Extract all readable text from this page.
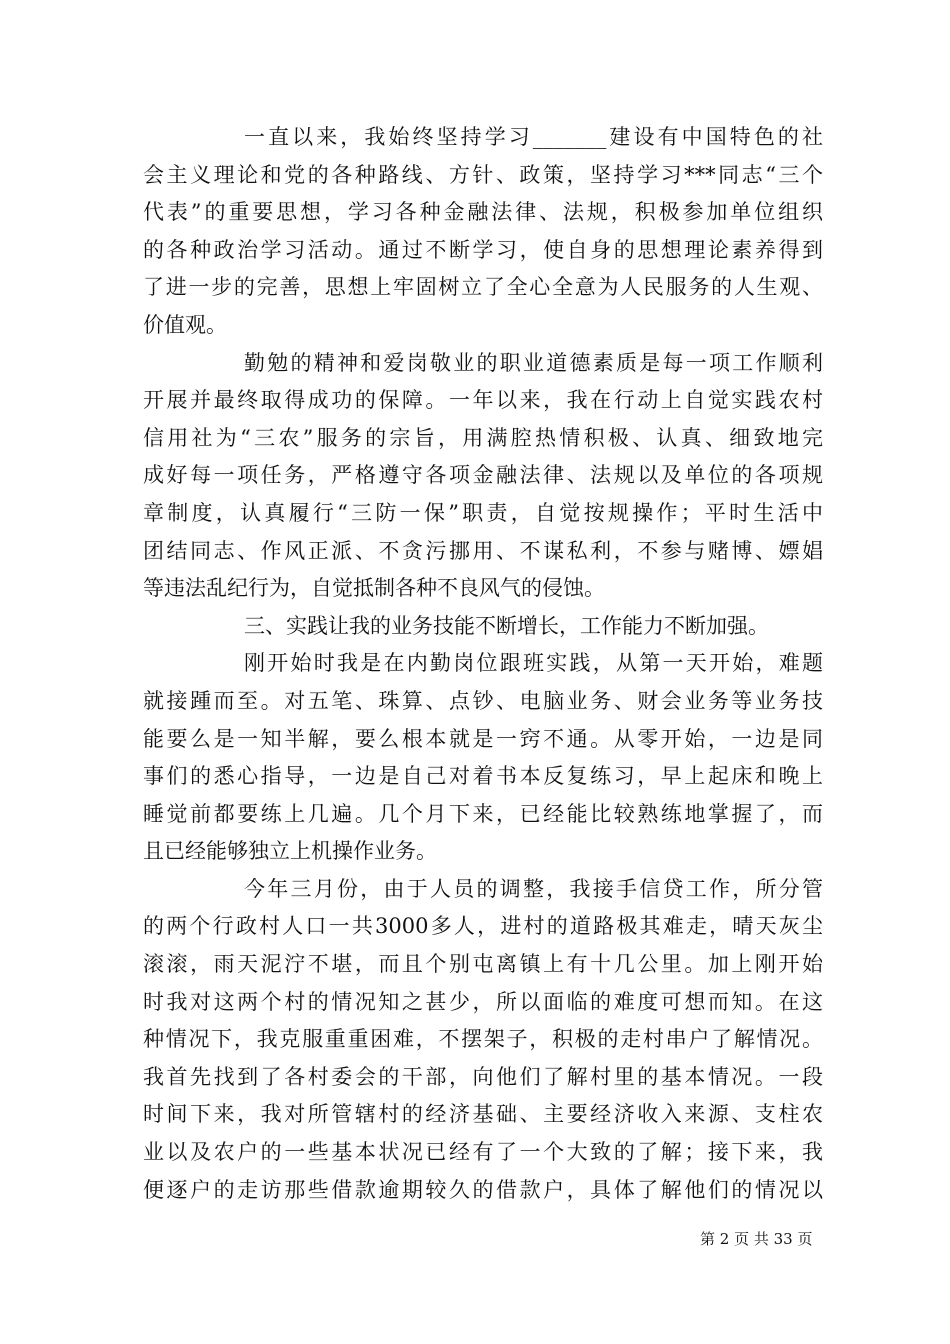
一直以来，我始终坚持学习_______建设有中国特色的社
会主义理论和党的各种路线、方针、政策，坚持学习***同志“三个
代表”的重要思想，学习各种金融法律、法规，积极参加单位组织
的各种政治学习活动。通过不断学习，使自身的思想理论素养得到
了进一步的完善，思想上牢固树立了全心全意为人民服务的人生观、
价值观。
勤勉的精神和爱岗敬业的职业道德素质是每一项工作顺利
开展并最终取得成功的保障。一年以来，我在行动上自觉实践农村
信用社为“三农”服务的宗旨，用满腔热情积极、认真、细致地完
成好每一项任务，严格遵守各项金融法律、法规以及单位的各项规
章制度，认真履行“三防一保”职责，自觉按规操作；平时生活中
团结同志、作风正派、不贪污挪用、不谋私利，不参与赌博、嫖娼
等违法乱纪行为，自觉抵制各种不良风气的侵蚀。
三、实践让我的业务技能不断增长，工作能力不断加强。
刚开始时我是在内勤岗位跟班实践，从第一天开始，难题
就接踵而至。对五笔、珠算、点钞、电脑业务、财会业务等业务技
能要么是一知半解，要么根本就是一窍不通。从零开始，一边是同
事们的悉心指导，一边是自己对着书本反复练习，早上起床和晚上
睡觉前都要练上几遍。几个月下来，已经能比较熟练地掌握了，而
且已经能够独立上机操作业务。
今年三月份，由于人员的调整，我接手信贷工作，所分管
的两个行政村人口一共3000多人，进村的道路极其难走，晴天灰尘
滚滚，雨天泥泞不堪，而且个别屯离镇上有十几公里。加上刚开始
时我对这两个村的情况知之甚少，所以面临的难度可想而知。在这
种情况下，我克服重重困难，不摆架子，积极的走村串户了解情况。
我首先找到了各村委会的干部，向他们了解村里的基本情况。一段
时间下来，我对所管辖村的经济基础、主要经济收入来源、支柱农
业以及农户的一些基本状况已经有了一个大致的了解；接下来，我
便逐户的走访那些借款逾期较久的借款户，具体了解他们的情况以
第 2 页 共 33 页
